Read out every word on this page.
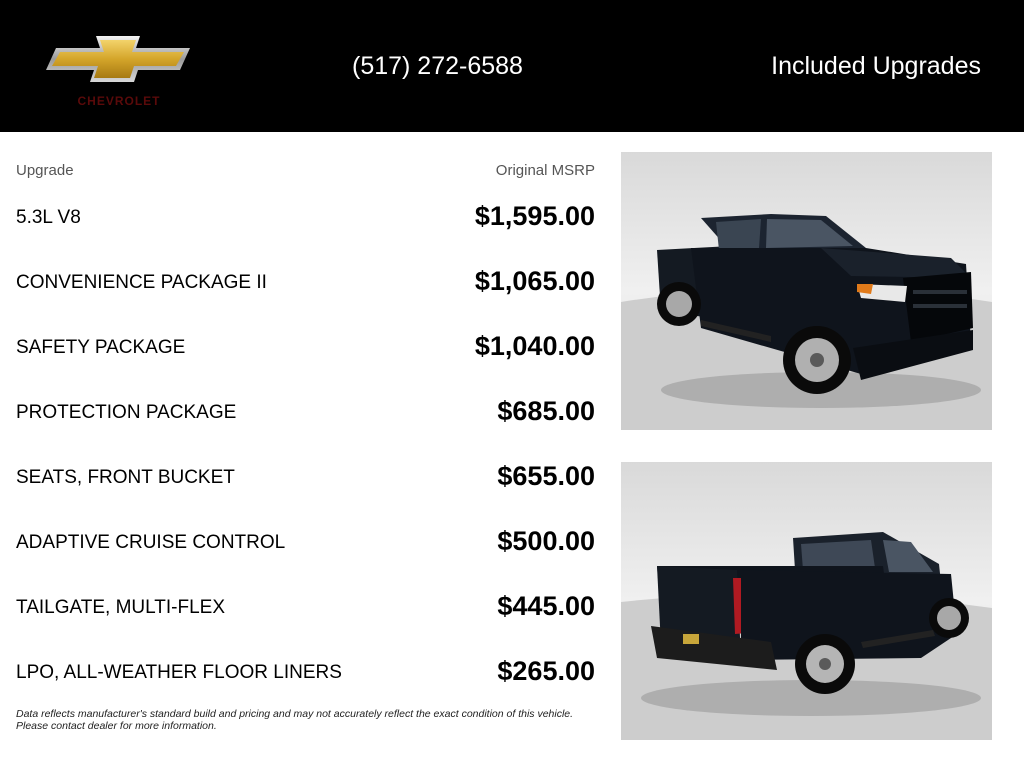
CHEVROLET
(517) 272-6588	Included Upgrades
Upgrade	Original MSRP
5.3L V8	$1,595.00
CONVENIENCE PACKAGE II	$1,065.00
SAFETY PACKAGE	$1,040.00
PROTECTION PACKAGE	$685.00
SEATS, FRONT BUCKET	$655.00
ADAPTIVE CRUISE CONTROL	$500.00
TAILGATE, MULTI-FLEX	$445.00
LPO, ALL-WEATHER FLOOR LINERS	$265.00
Data reflects manufacturer's standard build and pricing and may not accurately reflect the exact condition of this vehicle.
Please contact dealer for more information.
